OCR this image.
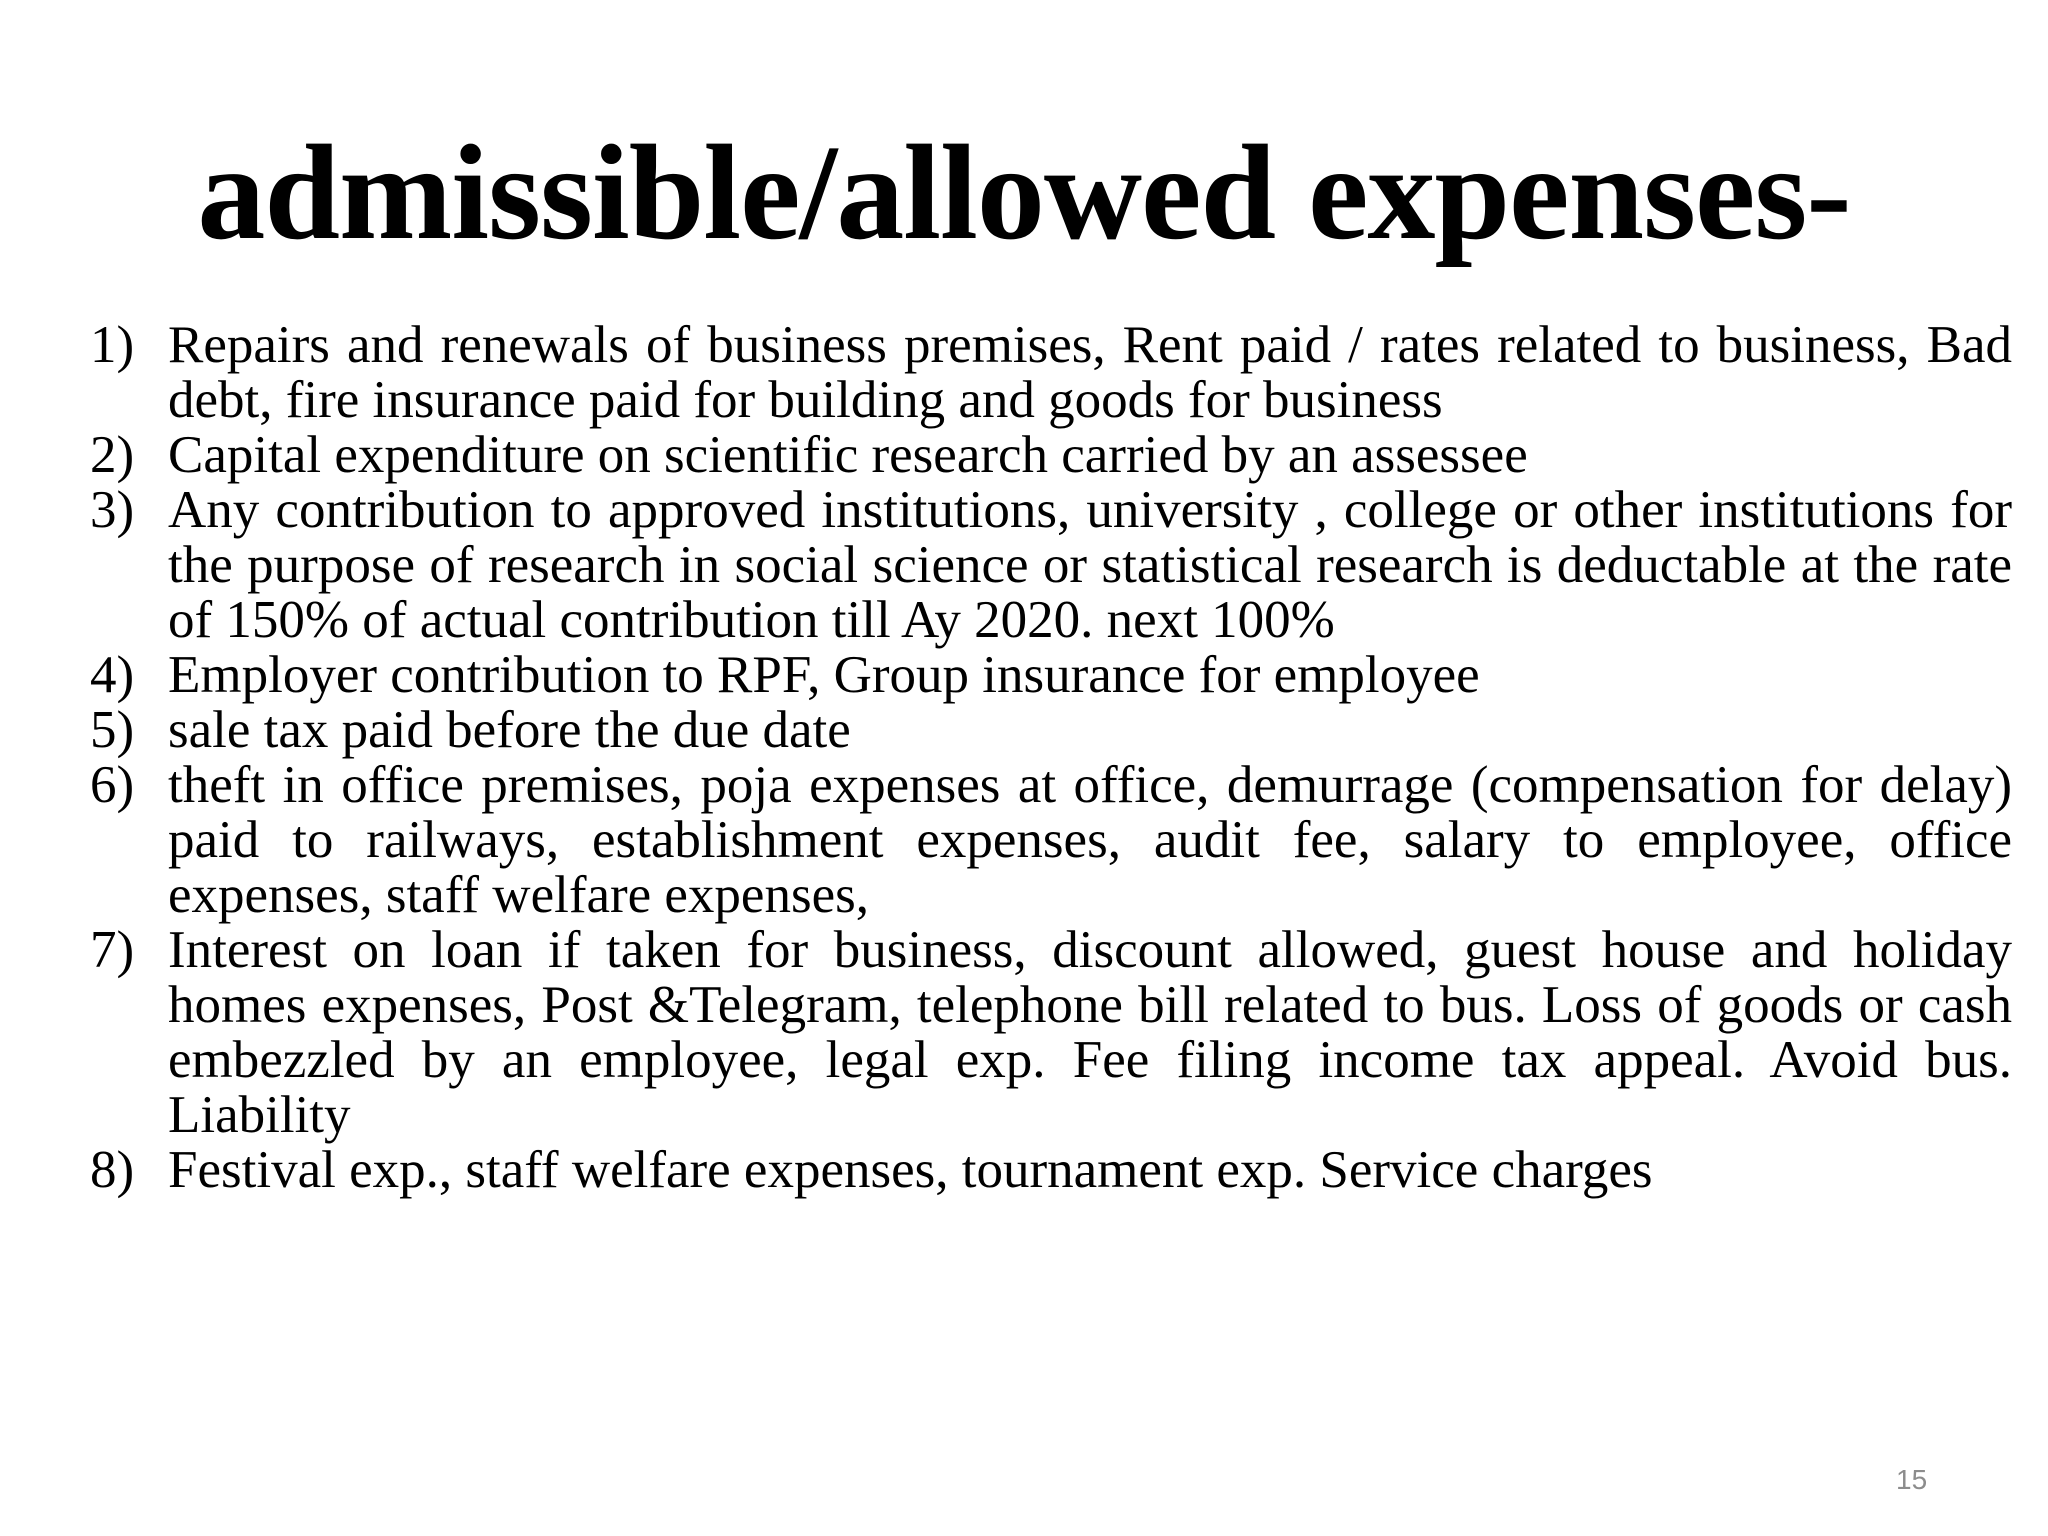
admissible/allowed expenses-
1) Repairs and renewals of business premises, Rent paid / rates related to business, Bad debt, fire insurance paid for building and goods for business
2) Capital expenditure on scientific research carried by an assessee
3) Any contribution to approved institutions, university , college or other institutions for the purpose of research in social science or statistical research is deductable at the rate of 150% of actual contribution till Ay 2020. next 100%
4) Employer contribution to RPF, Group insurance for employee
5) sale tax paid before the due date
6) theft in office premises, poja expenses at office, demurrage (compensation for delay) paid to railways, establishment expenses, audit fee, salary to employee, office expenses, staff welfare expenses,
7) Interest on loan if taken for business, discount allowed, guest house and holiday homes expenses, Post &Telegram, telephone bill related to bus. Loss of goods or cash embezzled by an employee, legal exp. Fee filing income tax appeal. Avoid bus. Liability
8) Festival exp., staff welfare expenses, tournament exp. Service charges
15
